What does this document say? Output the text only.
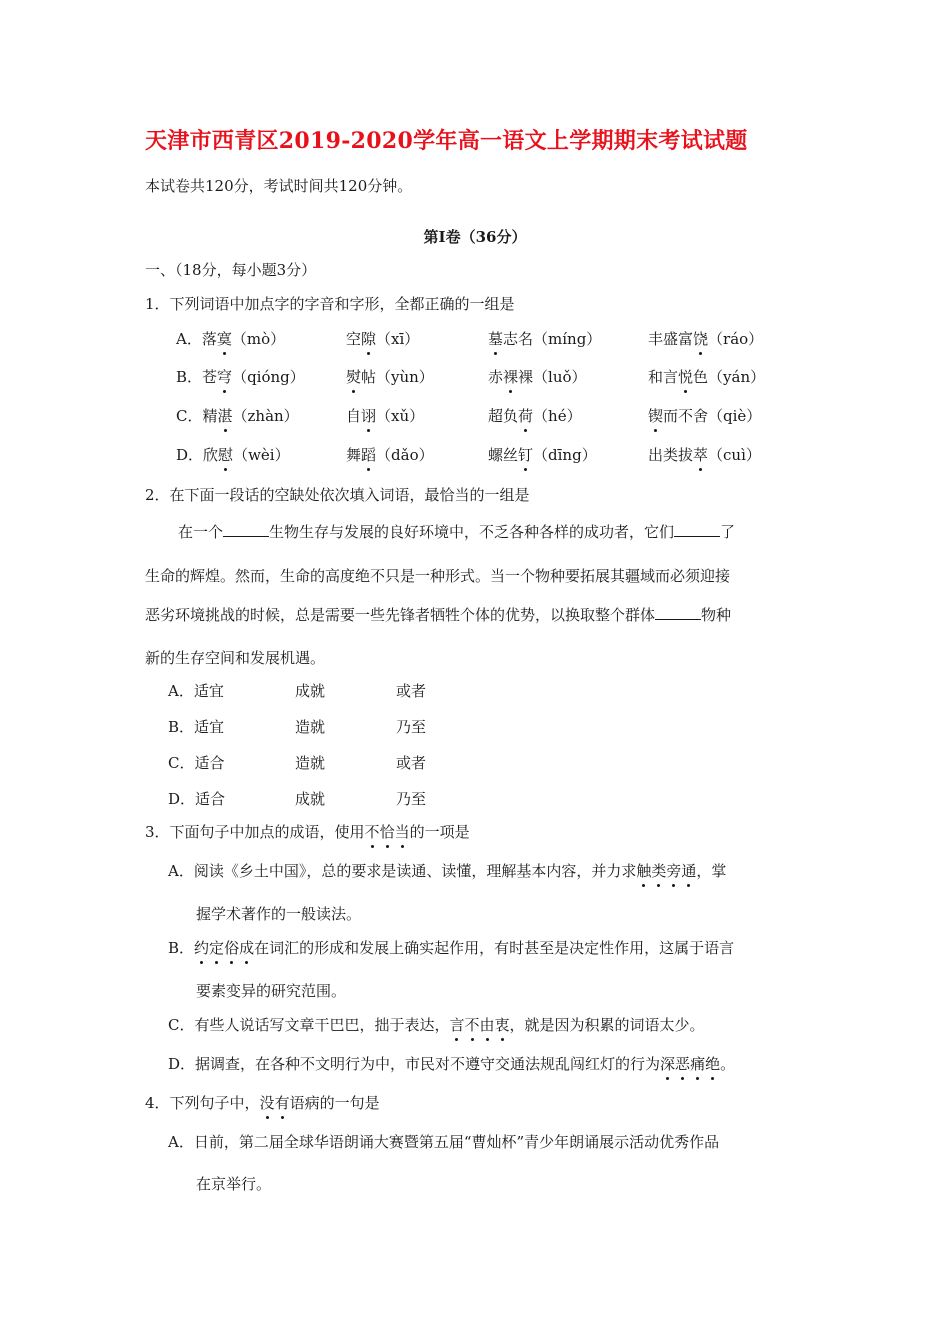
天津市西青区2019-2020学年高一语文上学期期末考试试题
本试卷共120分，考试时间共120分钟。
第Ⅰ卷（36分）
一、（18分，每小题3分）
1．下列词语中加点字的字音和字形，全都正确的一组是
A．落寞（mò）	空隙（xī）	墓志名（míng）	丰盛富饶（ráo）
B．苍穹（qióng）	熨帖（yùn）	赤裸裸（luǒ）	和言悦色（yán）
C．精湛（zhàn）	自诩（xǔ）	超负荷（hé）	锲而不舍（qiè）
D．欣慰（wèi）	舞蹈（dǎo）	螺丝钉（dīng）	出类拔萃（cuì）
2．在下面一段话的空缺处依次填入词语，最恰当的一组是
在一个	生物生存与发展的良好环境中，不乏各种各样的成功者，它们	了
生命的辉煌。然而，生命的高度绝不只是一种形式。当一个物种要拓展其疆域而必须迎接
恶劣环境挑战的时候，总是需要一些先锋者牺牲个体的优势，以换取整个群体	物种
新的生存空间和发展机遇。
A．适宜	成就	或者
B．适宜	造就	乃至
C．适合	造就	或者
D．适合	成就	乃至
3．下面句子中加点的成语，使用不恰当的一项是
A．阅读《乡土中国》，总的要求是读通、读懂，理解基本内容，并力求触类旁通，掌
握学术著作的一般读法。
B．约定俗成在词汇的形成和发展上确实起作用，有时甚至是决定性作用，这属于语言
要素变异的研究范围。
C．有些人说话写文章干巴巴，拙于表达，言不由衷，就是因为积累的词语太少。
D．据调查，在各种不文明行为中，市民对不遵守交通法规乱闯红灯的行为深恶痛绝。
4．下列句子中，没有语病的一句是
A．日前，第二届全球华语朗诵大赛暨第五届“曹灿杯”青少年朗诵展示活动优秀作品
在京举行。
